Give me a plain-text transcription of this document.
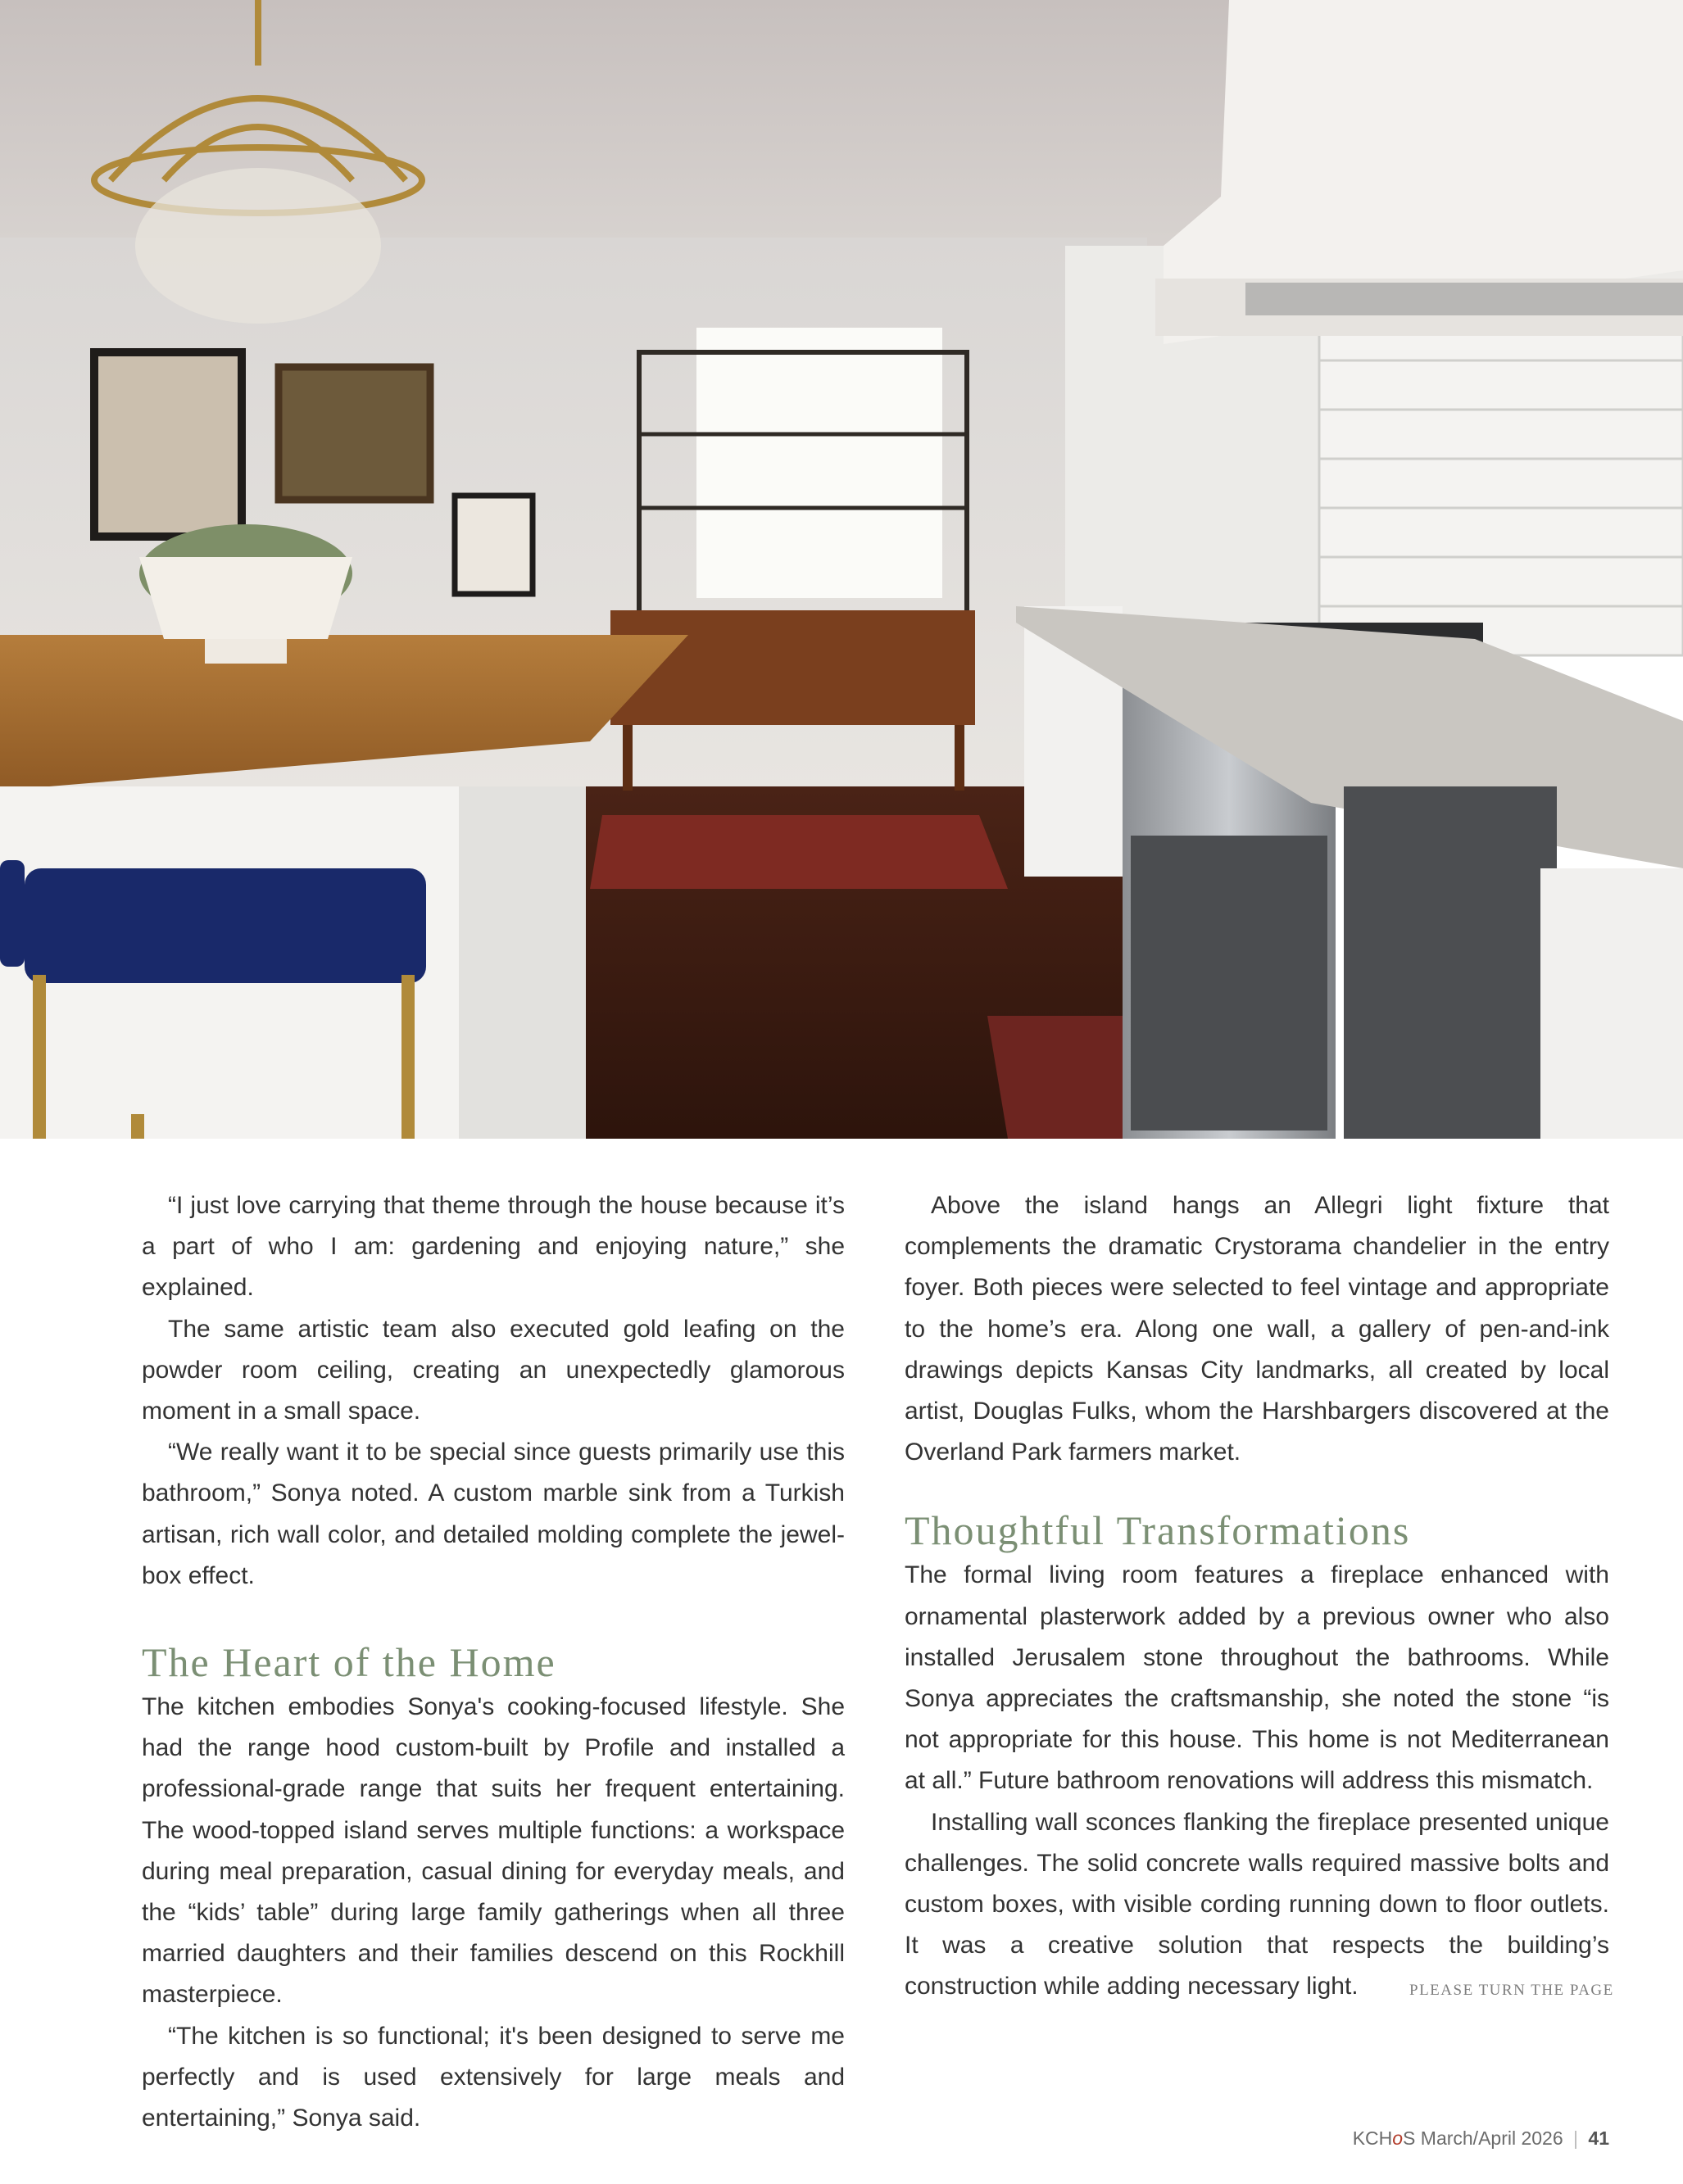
“I just love carrying that theme through the house because it’s a part of who I am: gardening and enjoying nature,” she explained.

The same artistic team also executed gold leafing on the powder room ceiling, creating an unexpectedly glamorous moment in a small space.

“We really want it to be special since guests primarily use this bathroom,” Sonya noted. A custom marble sink from a Turkish artisan, rich wall color, and detailed molding complete the jewel-box effect.

The Heart of the Home

The kitchen embodies Sonya's cooking-focused lifestyle. She had the range hood custom-built by Profile and installed a professional-grade range that suits her frequent entertaining. The wood-topped island serves multiple functions: a workspace during meal preparation, casual dining for everyday meals, and the “kids’ table” during large family gatherings when all three married daughters and their families descend on this Rockhill masterpiece.

“The kitchen is so functional; it's been designed to serve me perfectly and is used extensively for large meals and entertaining,” Sonya said.

Above the island hangs an Allegri light fixture that complements the dramatic Crystorama chandelier in the entry foyer. Both pieces were selected to feel vintage and appropriate to the home’s era. Along one wall, a gallery of pen-and-ink drawings depicts Kansas City landmarks, all created by local artist, Douglas Fulks, whom the Harshbargers discovered at the Overland Park farmers market.

Thoughtful Transformations

The formal living room features a fireplace enhanced with ornamental plasterwork added by a previous owner who also installed Jerusalem stone throughout the bathrooms. While Sonya appreciates the craftsmanship, she noted the stone “is not appropriate for this house. This home is not Mediterranean at all.” Future bathroom renovations will address this mismatch.

Installing wall sconces flanking the fireplace presented unique challenges. The solid concrete walls required massive bolts and custom boxes, with visible cording running down to floor outlets. It was a creative solution that respects the building’s construction while adding necessary light.	PLEASE TURN THE PAGE
KCHoS March/April 2026 | 41
